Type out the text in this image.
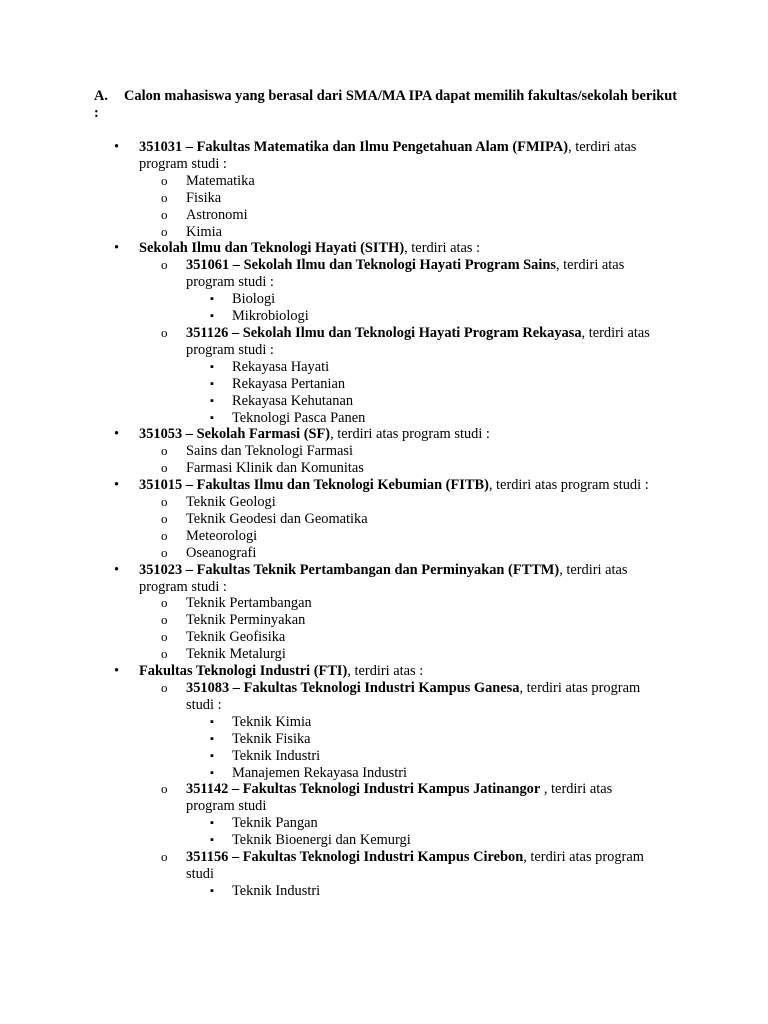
A. Calon mahasiswa yang berasal dari SMA/MA IPA dapat memilih fakultas/sekolah berikut :
• 351031 – Fakultas Matematika dan Ilmu Pengetahuan Alam (FMIPA), terdiri atas program studi :
o Matematika
o Fisika
o Astronomi
o Kimia
• Sekolah Ilmu dan Teknologi Hayati (SITH), terdiri atas :
o 351061 – Sekolah Ilmu dan Teknologi Hayati Program Sains, terdiri atas program studi :
▪ Biologi
▪ Mikrobiologi
o 351126 – Sekolah Ilmu dan Teknologi Hayati Program Rekayasa, terdiri atas program studi :
▪ Rekayasa Hayati
▪ Rekayasa Pertanian
▪ Rekayasa Kehutanan
▪ Teknologi Pasca Panen
• 351053 – Sekolah Farmasi (SF), terdiri atas program studi :
o Sains dan Teknologi Farmasi
o Farmasi Klinik dan Komunitas
• 351015 – Fakultas Ilmu dan Teknologi Kebumian (FITB), terdiri atas program studi :
o Teknik Geologi
o Teknik Geodesi dan Geomatika
o Meteorologi
o Oseanografi
• 351023 – Fakultas Teknik Pertambangan dan Perminyakan (FTTM), terdiri atas program studi :
o Teknik Pertambangan
o Teknik Perminyakan
o Teknik Geofisika
o Teknik Metalurgi
• Fakultas Teknologi Industri (FTI), terdiri atas :
o 351083 – Fakultas Teknologi Industri Kampus Ganesa, terdiri atas program studi :
▪ Teknik Kimia
▪ Teknik Fisika
▪ Teknik Industri
▪ Manajemen Rekayasa Industri
o 351142 – Fakultas Teknologi Industri Kampus Jatinangor , terdiri atas program studi
▪ Teknik Pangan
▪ Teknik Bioenergi dan Kemurgi
o 351156 – Fakultas Teknologi Industri Kampus Cirebon, terdiri atas program studi
▪ Teknik Industri
